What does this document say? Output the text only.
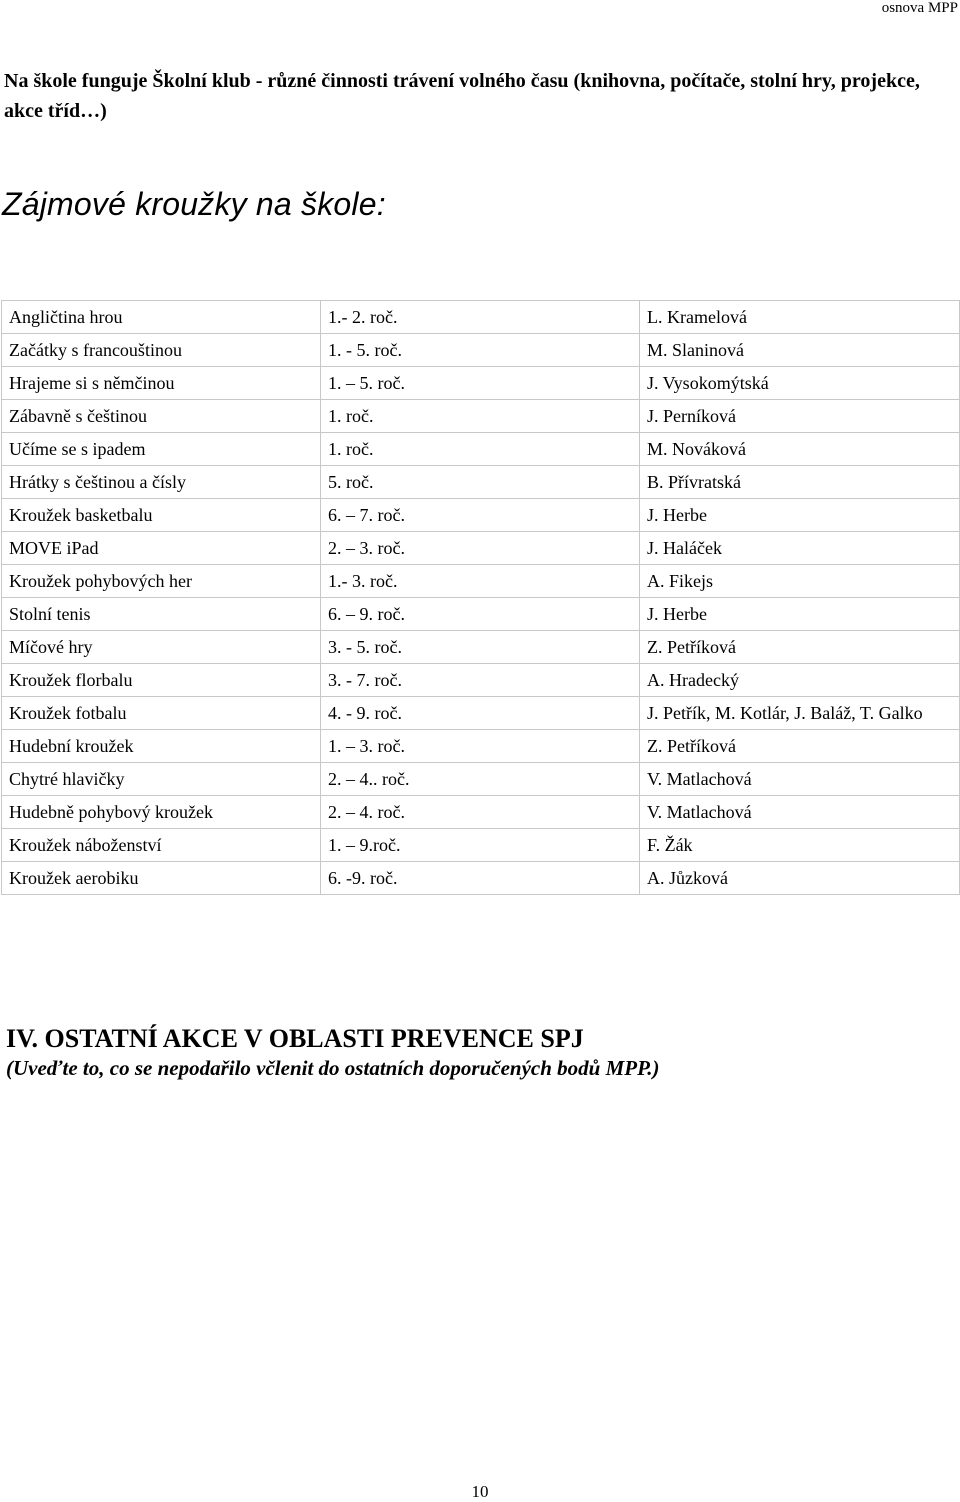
osnova MPP
Na škole funguje Školní klub - různé činnosti trávení volného času (knihovna, počítače, stolní hry, projekce, akce tříd…)
Zájmové kroužky na škole:
Angličtina hrou	1.- 2. roč.	L. Kramelová
Začátky s francouštinou	1. - 5. roč.	M. Slaninová
Hrajeme si s němčinou	1. – 5. roč.	J. Vysokomýtská
Zábavně s češtinou	1. roč.	J. Perníková
Učíme se s ipadem	1. roč.	M. Nováková
Hrátky s češtinou a čísly	5. roč.	B. Přívratská
Kroužek basketbalu	6. – 7. roč.	J. Herbe
MOVE iPad	2. – 3. roč.	J. Haláček
Kroužek pohybových her	1.- 3. roč.	A. Fikejs
Stolní tenis	6. – 9. roč.	J. Herbe
Míčové hry	3. - 5. roč.	Z. Petříková
Kroužek florbalu	3. - 7. roč.	A. Hradecký
Kroužek fotbalu	4. - 9. roč.	J. Petřík, M. Kotlár, J. Baláž, T. Galko
Hudební kroužek	1. – 3. roč.	Z. Petříková
Chytré hlavičky	2. – 4.. roč.	V. Matlachová
Hudebně pohybový kroužek	2. – 4. roč.	V. Matlachová
Kroužek náboženství	1. – 9.roč.	F. Žák
Kroužek aerobiku	6. -9. roč.	A. Jůzková
IV. OSTATNÍ AKCE V OBLASTI PREVENCE SPJ
(Uveďte to, co se nepodařilo včlenit do ostatních doporučených bodů MPP.)
10
